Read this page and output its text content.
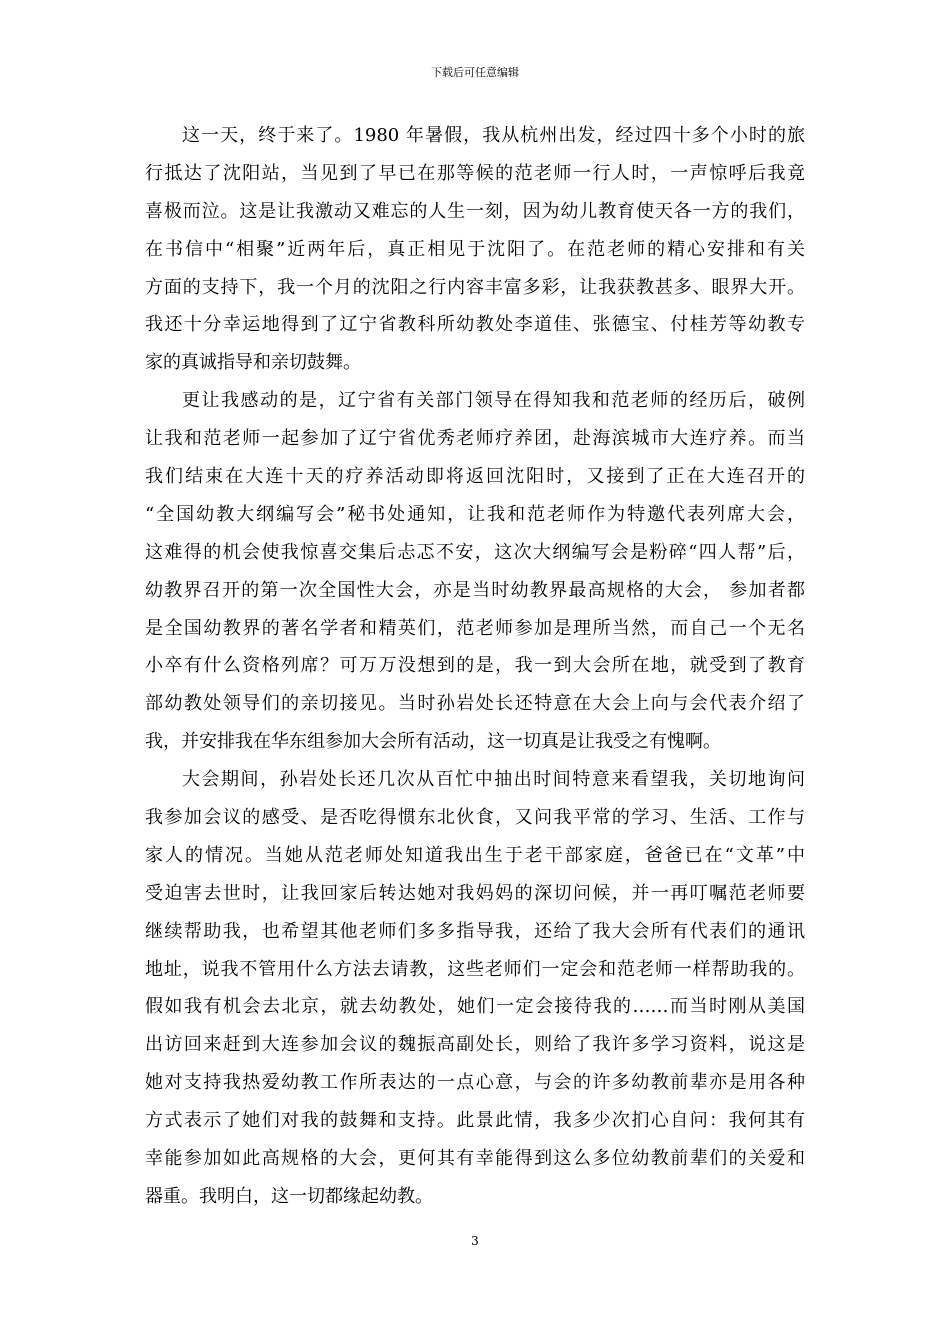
下载后可任意编辑
这一天，终于来了。1980 年暑假，我从杭州出发，经过四十多个小时的旅
行抵达了沈阳站，当见到了早已在那等候的范老师一行人时，一声惊呼后我竟
喜极而泣。这是让我激动又难忘的人生一刻，因为幼儿教育使天各一方的我们，
在书信中“相聚”近两年后，真正相见于沈阳了。在范老师的精心安排和有关
方面的支持下，我一个月的沈阳之行内容丰富多彩，让我获教甚多、眼界大开。
我还十分幸运地得到了辽宁省教科所幼教处李道佳、张德宝、付桂芳等幼教专
家的真诚指导和亲切鼓舞。
更让我感动的是，辽宁省有关部门领导在得知我和范老师的经历后，破例
让我和范老师一起参加了辽宁省优秀老师疗养团，赴海滨城市大连疗养。而当
我们结束在大连十天的疗养活动即将返回沈阳时，又接到了正在大连召开的
“全国幼教大纲编写会”秘书处通知，让我和范老师作为特邀代表列席大会，
这难得的机会使我惊喜交集后忐忑不安，这次大纲编写会是粉碎“四人帮”后，
幼教界召开的第一次全国性大会，亦是当时幼教界最高规格的大会， 参加者都
是全国幼教界的著名学者和精英们，范老师参加是理所当然，而自己一个无名
小卒有什么资格列席？可万万没想到的是，我一到大会所在地，就受到了教育
部幼教处领导们的亲切接见。当时孙岩处长还特意在大会上向与会代表介绍了
我，并安排我在华东组参加大会所有活动，这一切真是让我受之有愧啊。
大会期间，孙岩处长还几次从百忙中抽出时间特意来看望我，关切地询问
我参加会议的感受、是否吃得惯东北伙食，又问我平常的学习、生活、工作与
家人的情况。当她从范老师处知道我出生于老干部家庭，爸爸已在“文革”中
受迫害去世时，让我回家后转达她对我妈妈的深切问候，并一再叮嘱范老师要
继续帮助我，也希望其他老师们多多指导我，还给了我大会所有代表们的通讯
地址，说我不管用什么方法去请教，这些老师们一定会和范老师一样帮助我的。
假如我有机会去北京，就去幼教处，她们一定会接待我的……而当时刚从美国
出访回来赶到大连参加会议的魏振高副处长，则给了我许多学习资料，说这是
她对支持我热爱幼教工作所表达的一点心意，与会的许多幼教前辈亦是用各种
方式表示了她们对我的鼓舞和支持。此景此情，我多少次扪心自问：我何其有
幸能参加如此高规格的大会，更何其有幸能得到这么多位幼教前辈们的关爱和
器重。我明白，这一切都缘起幼教。
3
